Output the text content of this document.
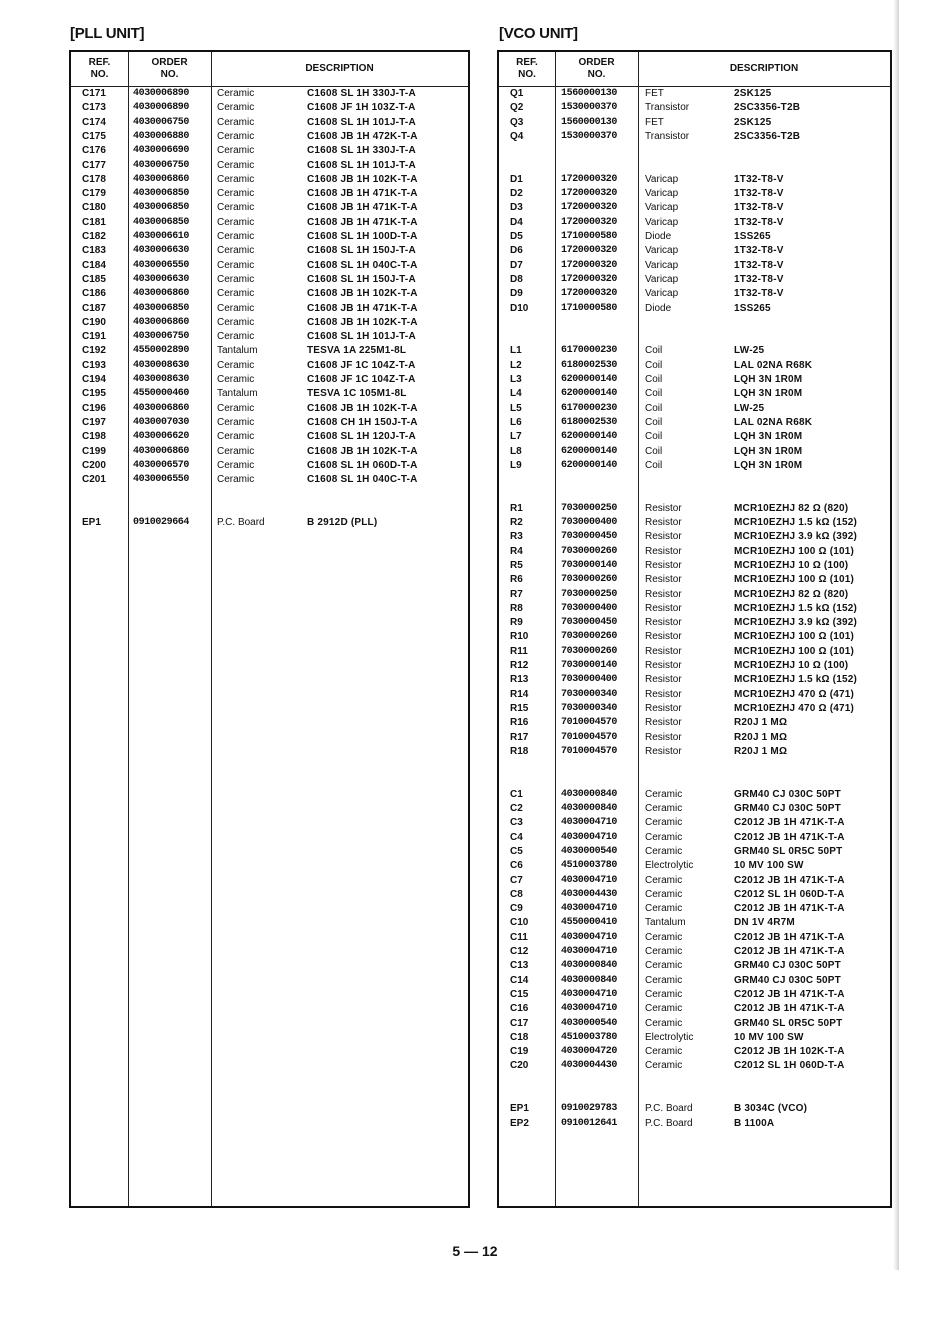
[PLL UNIT]
REF.
NO.
ORDER
NO.
DESCRIPTION
C171	4030006890	Ceramic	C1608 SL 1H 330J-T-A
C173	4030006890	Ceramic	C1608 JF 1H 103Z-T-A
C174	4030006750	Ceramic	C1608 SL 1H 101J-T-A
C175	4030006880	Ceramic	C1608 JB 1H 472K-T-A
C176	4030006690	Ceramic	C1608 SL 1H 330J-T-A
C177	4030006750	Ceramic	C1608 SL 1H 101J-T-A
C178	4030006860	Ceramic	C1608 JB 1H 102K-T-A
C179	4030006850	Ceramic	C1608 JB 1H 471K-T-A
C180	4030006850	Ceramic	C1608 JB 1H 471K-T-A
C181	4030006850	Ceramic	C1608 JB 1H 471K-T-A
C182	4030006610	Ceramic	C1608 SL 1H 100D-T-A
C183	4030006630	Ceramic	C1608 SL 1H 150J-T-A
C184	4030006550	Ceramic	C1608 SL 1H 040C-T-A
C185	4030006630	Ceramic	C1608 SL 1H 150J-T-A
C186	4030006860	Ceramic	C1608 JB 1H 102K-T-A
C187	4030006850	Ceramic	C1608 JB 1H 471K-T-A
C190	4030006860	Ceramic	C1608 JB 1H 102K-T-A
C191	4030006750	Ceramic	C1608 SL 1H 101J-T-A
C192	4550002890	Tantalum	TESVA 1A 225M1-8L
C193	4030008630	Ceramic	C1608 JF 1C 104Z-T-A
C194	4030008630	Ceramic	C1608 JF 1C 104Z-T-A
C195	4550000460	Tantalum	TESVA 1C 105M1-8L
C196	4030006860	Ceramic	C1608 JB 1H 102K-T-A
C197	4030007030	Ceramic	C1608 CH 1H 150J-T-A
C198	4030006620	Ceramic	C1608 SL 1H 120J-T-A
C199	4030006860	Ceramic	C1608 JB 1H 102K-T-A
C200	4030006570	Ceramic	C1608 SL 1H 060D-T-A
C201	4030006550	Ceramic	C1608 SL 1H 040C-T-A
EP1	0910029664	P.C. Board	B 2912D (PLL)
[VCO UNIT]
REF.
NO.
ORDER
NO.
DESCRIPTION
Q1	1560000130	FET	2SK125
Q2	1530000370	Transistor	2SC3356-T2B
Q3	1560000130	FET	2SK125
Q4	1530000370	Transistor	2SC3356-T2B
D1	1720000320	Varicap	1T32-T8-V
D2	1720000320	Varicap	1T32-T8-V
D3	1720000320	Varicap	1T32-T8-V
D4	1720000320	Varicap	1T32-T8-V
D5	1710000580	Diode	1SS265
D6	1720000320	Varicap	1T32-T8-V
D7	1720000320	Varicap	1T32-T8-V
D8	1720000320	Varicap	1T32-T8-V
D9	1720000320	Varicap	1T32-T8-V
D10	1710000580	Diode	1SS265
L1	6170000230	Coil	LW-25
L2	6180002530	Coil	LAL 02NA R68K
L3	6200000140	Coil	LQH 3N 1R0M
L4	6200000140	Coil	LQH 3N 1R0M
L5	6170000230	Coil	LW-25
L6	6180002530	Coil	LAL 02NA R68K
L7	6200000140	Coil	LQH 3N 1R0M
L8	6200000140	Coil	LQH 3N 1R0M
L9	6200000140	Coil	LQH 3N 1R0M
R1	7030000250	Resistor	MCR10EZHJ 82 Ω (820)
R2	7030000400	Resistor	MCR10EZHJ 1.5 kΩ (152)
R3	7030000450	Resistor	MCR10EZHJ 3.9 kΩ (392)
R4	7030000260	Resistor	MCR10EZHJ 100 Ω (101)
R5	7030000140	Resistor	MCR10EZHJ 10 Ω (100)
R6	7030000260	Resistor	MCR10EZHJ 100 Ω (101)
R7	7030000250	Resistor	MCR10EZHJ 82 Ω (820)
R8	7030000400	Resistor	MCR10EZHJ 1.5 kΩ (152)
R9	7030000450	Resistor	MCR10EZHJ 3.9 kΩ (392)
R10	7030000260	Resistor	MCR10EZHJ 100 Ω (101)
R11	7030000260	Resistor	MCR10EZHJ 100 Ω (101)
R12	7030000140	Resistor	MCR10EZHJ 10 Ω (100)
R13	7030000400	Resistor	MCR10EZHJ 1.5 kΩ (152)
R14	7030000340	Resistor	MCR10EZHJ 470 Ω (471)
R15	7030000340	Resistor	MCR10EZHJ 470 Ω (471)
R16	7010004570	Resistor	R20J 1 MΩ
R17	7010004570	Resistor	R20J 1 MΩ
R18	7010004570	Resistor	R20J 1 MΩ
C1	4030000840	Ceramic	GRM40 CJ 030C 50PT
C2	4030000840	Ceramic	GRM40 CJ 030C 50PT
C3	4030004710	Ceramic	C2012 JB 1H 471K-T-A
C4	4030004710	Ceramic	C2012 JB 1H 471K-T-A
C5	4030000540	Ceramic	GRM40 SL 0R5C 50PT
C6	4510003780	Electrolytic	10 MV 100 SW
C7	4030004710	Ceramic	C2012 JB 1H 471K-T-A
C8	4030004430	Ceramic	C2012 SL 1H 060D-T-A
C9	4030004710	Ceramic	C2012 JB 1H 471K-T-A
C10	4550000410	Tantalum	DN 1V 4R7M
C11	4030004710	Ceramic	C2012 JB 1H 471K-T-A
C12	4030004710	Ceramic	C2012 JB 1H 471K-T-A
C13	4030000840	Ceramic	GRM40 CJ 030C 50PT
C14	4030000840	Ceramic	GRM40 CJ 030C 50PT
C15	4030004710	Ceramic	C2012 JB 1H 471K-T-A
C16	4030004710	Ceramic	C2012 JB 1H 471K-T-A
C17	4030000540	Ceramic	GRM40 SL 0R5C 50PT
C18	4510003780	Electrolytic	10 MV 100 SW
C19	4030004720	Ceramic	C2012 JB 1H 102K-T-A
C20	4030004430	Ceramic	C2012 SL 1H 060D-T-A
EP1	0910029783	P.C. Board	B 3034C (VCO)
EP2	0910012641	P.C. Board	B 1100A
5 — 12
